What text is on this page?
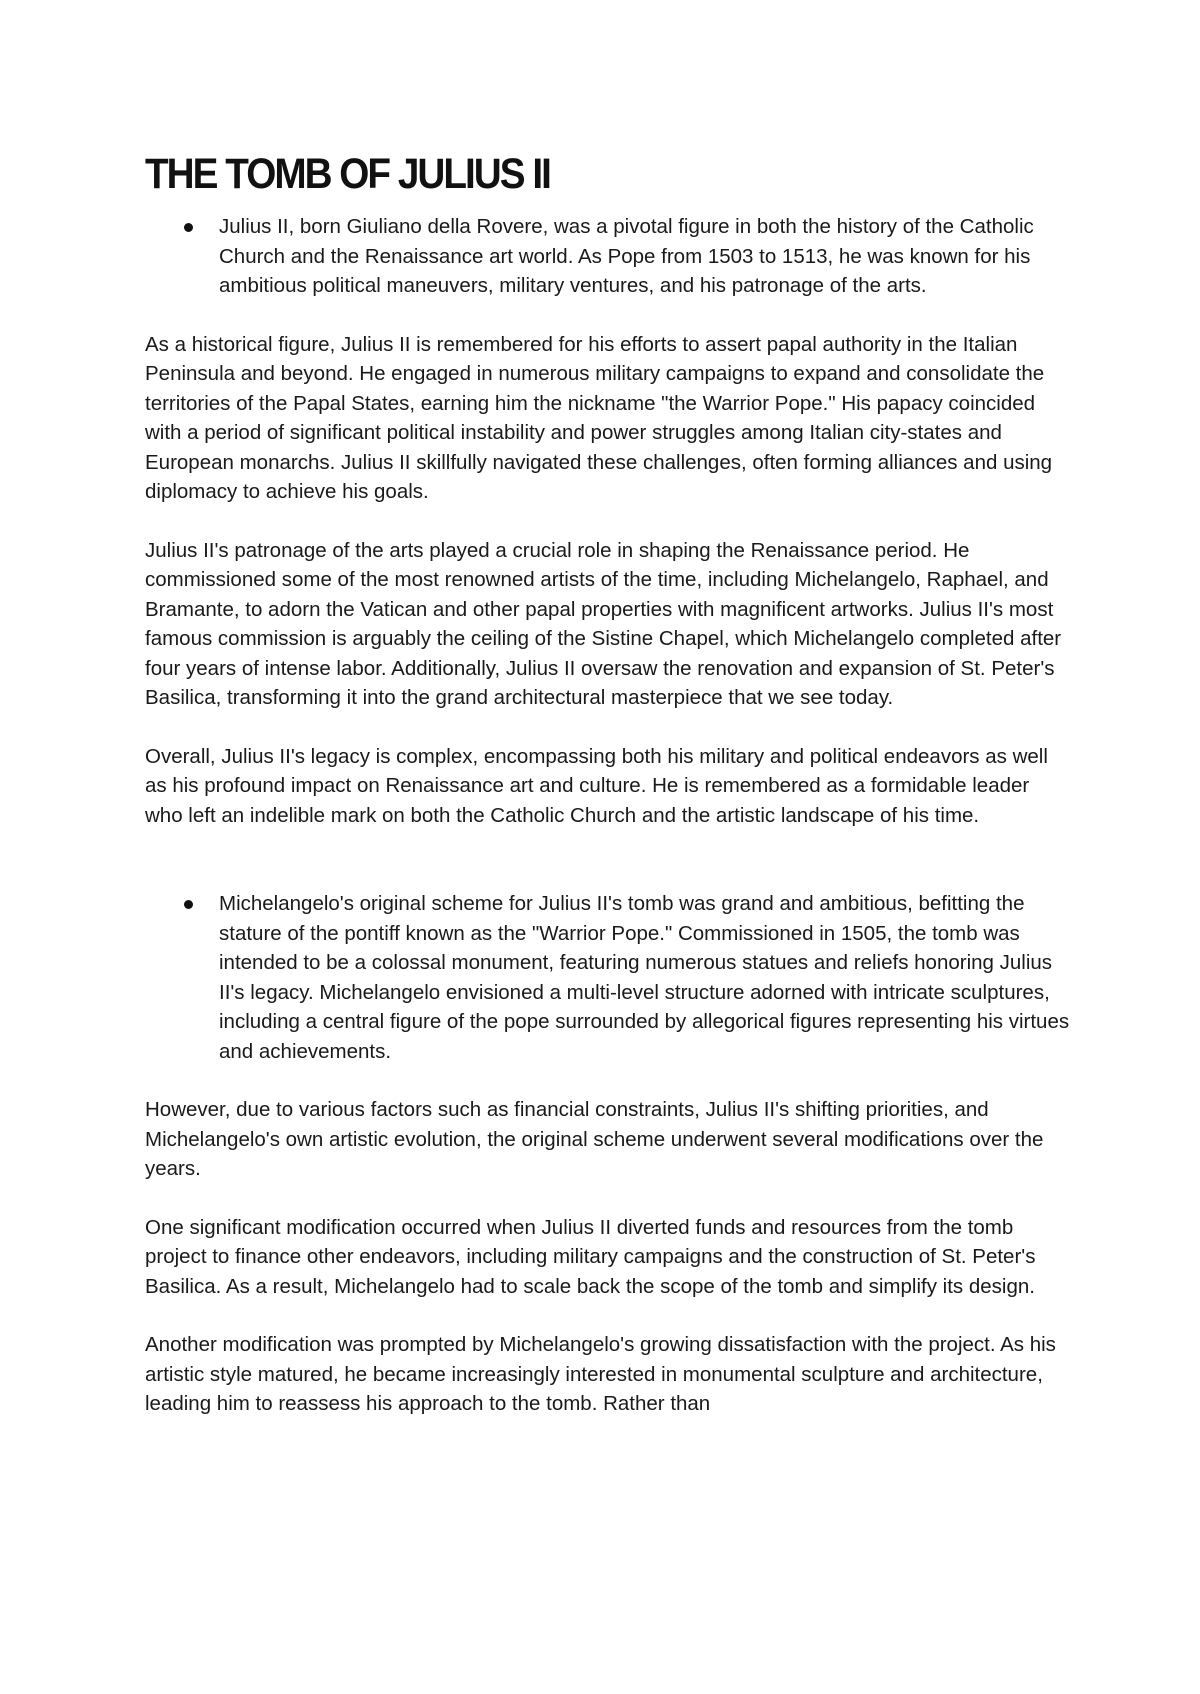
THE TOMB OF JULIUS II
Julius II, born Giuliano della Rovere, was a pivotal figure in both the history of the Catholic Church and the Renaissance art world. As Pope from 1503 to 1513, he was known for his ambitious political maneuvers, military ventures, and his patronage of the arts.

As a historical figure, Julius II is remembered for his efforts to assert papal authority in the Italian Peninsula and beyond. He engaged in numerous military campaigns to expand and consolidate the territories of the Papal States, earning him the nickname "the Warrior Pope." His papacy coincided with a period of significant political instability and power struggles among Italian city-states and European monarchs. Julius II skillfully navigated these challenges, often forming alliances and using diplomacy to achieve his goals.

Julius II's patronage of the arts played a crucial role in shaping the Renaissance period. He commissioned some of the most renowned artists of the time, including Michelangelo, Raphael, and Bramante, to adorn the Vatican and other papal properties with magnificent artworks. Julius II's most famous commission is arguably the ceiling of the Sistine Chapel, which Michelangelo completed after four years of intense labor. Additionally, Julius II oversaw the renovation and expansion of St. Peter's Basilica, transforming it into the grand architectural masterpiece that we see today.

Overall, Julius II's legacy is complex, encompassing both his military and political endeavors as well as his profound impact on Renaissance art and culture. He is remembered as a formidable leader who left an indelible mark on both the Catholic Church and the artistic landscape of his time.

Michelangelo's original scheme for Julius II's tomb was grand and ambitious, befitting the stature of the pontiff known as the "Warrior Pope." Commissioned in 1505, the tomb was intended to be a colossal monument, featuring numerous statues and reliefs honoring Julius II's legacy. Michelangelo envisioned a multi-level structure adorned with intricate sculptures, including a central figure of the pope surrounded by allegorical figures representing his virtues and achievements.

However, due to various factors such as financial constraints, Julius II's shifting priorities, and Michelangelo's own artistic evolution, the original scheme underwent several modifications over the years.

One significant modification occurred when Julius II diverted funds and resources from the tomb project to finance other endeavors, including military campaigns and the construction of St. Peter's Basilica. As a result, Michelangelo had to scale back the scope of the tomb and simplify its design.

Another modification was prompted by Michelangelo's growing dissatisfaction with the project. As his artistic style matured, he became increasingly interested in monumental sculpture and architecture, leading him to reassess his approach to the tomb. Rather than
